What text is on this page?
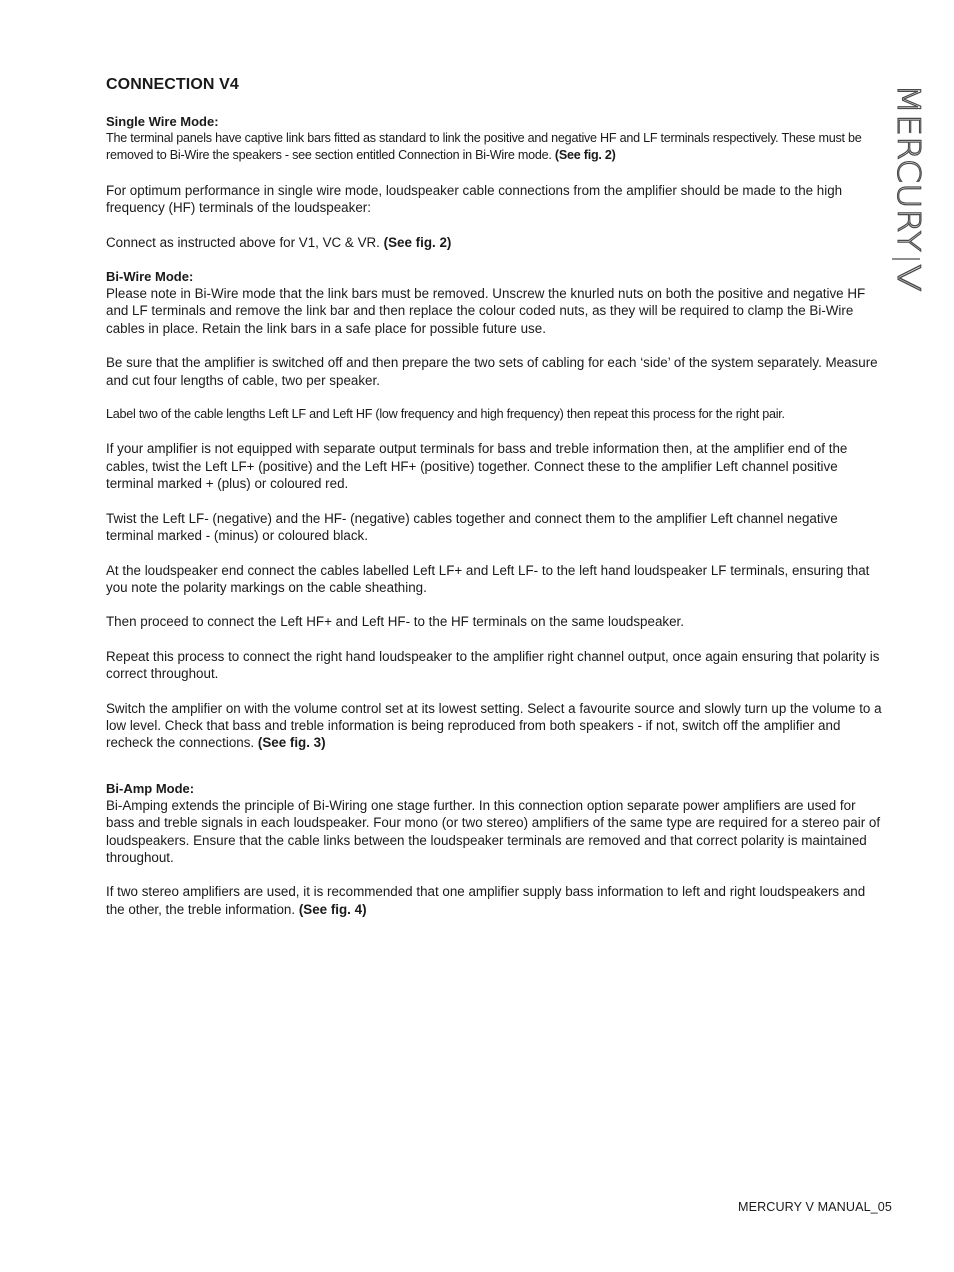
MERCURY
V
CONNECTION V4
Single Wire Mode:

The terminal panels have captive link bars fitted as standard to link the positive and negative HF and LF terminals respectively. These must be removed to Bi-Wire the speakers - see section entitled Connection in Bi-Wire mode. (See fig. 2)

For optimum performance in single wire mode, loudspeaker cable connections from the amplifier should be made to the high frequency (HF) terminals of the loudspeaker:

Connect as instructed above for V1, VC & VR. (See fig. 2)

Bi-Wire Mode:

Please note in Bi-Wire mode that the link bars must be removed. Unscrew the knurled nuts on both the positive and negative HF and LF terminals and remove the link bar and then replace the colour coded nuts, as they will be required to clamp the Bi-Wire cables in place. Retain the link bars in a safe place for possible future use.

Be sure that the amplifier is switched off and then prepare the two sets of cabling for each ‘side’ of the system separately. Measure and cut four lengths of cable, two per speaker.

Label two of the cable lengths Left LF and Left HF (low frequency and high frequency) then repeat this process for the right pair.

If your amplifier is not equipped with separate output terminals for bass and treble information then, at the amplifier end of the cables, twist the Left LF+ (positive) and the Left HF+ (positive) together. Connect these to the amplifier Left channel positive terminal marked + (plus) or coloured red.

Twist the Left LF- (negative) and the HF- (negative) cables together and connect them to the amplifier Left channel negative terminal marked - (minus) or coloured black.

At the loudspeaker end connect the cables labelled Left LF+ and Left LF- to the left hand loudspeaker LF terminals, ensuring that you note the polarity markings on the cable sheathing.

Then proceed to connect the Left HF+ and Left HF- to the HF terminals on the same loudspeaker.

Repeat this process to connect the right hand loudspeaker to the amplifier right channel output, once again ensuring that polarity is correct throughout.

Switch the amplifier on with the volume control set at its lowest setting. Select a favourite source and slowly turn up the volume to a low level. Check that bass and treble information is being reproduced from both speakers - if not, switch off the amplifier and recheck the connections. (See fig. 3)

Bi-Amp Mode:

Bi-Amping extends the principle of Bi-Wiring one stage further. In this connection option separate power amplifiers are used for bass and treble signals in each loudspeaker. Four mono (or two stereo) amplifiers of the same type are required for a stereo pair of loudspeakers. Ensure that the cable links between the loudspeaker terminals are removed and that correct polarity is maintained throughout.

If two stereo amplifiers are used, it is recommended that one amplifier supply bass information to left and right loudspeakers and the other, the treble information. (See fig. 4)

MERCURY V MANUAL_05
